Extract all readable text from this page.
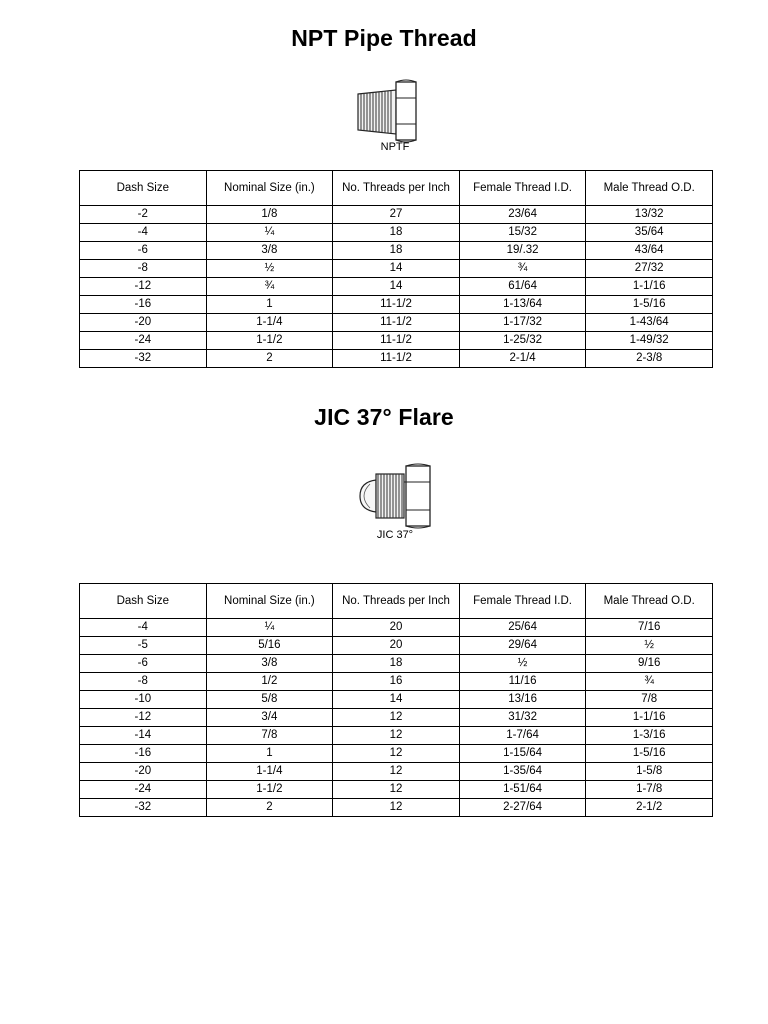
NPT Pipe Thread
NPTF
Dash Size	Nominal Size (in.)	No. Threads per Inch	Female Thread I.D.	Male Thread O.D.
-2	1/8	27	23/64	13/32
-4	¼	18	15/32	35/64
-6	3/8	18	19/.32	43/64
-8	½	14	¾	27/32
-12	¾	14	61/64	1-1/16
-16	1	11-1/2	1-13/64	1-5/16
-20	1-1/4	11-1/2	1-17/32	1-43/64
-24	1-1/2	11-1/2	1-25/32	1-49/32
-32	2	11-1/2	2-1/4	2-3/8
JIC 37° Flare
JIC 37°
Dash Size	Nominal Size (in.)	No. Threads per Inch	Female Thread I.D.	Male Thread O.D.
-4	¼	20	25/64	7/16
-5	5/16	20	29/64	½
-6	3/8	18	½	9/16
-8	1/2	16	11/16	¾
-10	5/8	14	13/16	7/8
-12	3/4	12	31/32	1-1/16
-14	7/8	12	1-7/64	1-3/16
-16	1	12	1-15/64	1-5/16
-20	1-1/4	12	1-35/64	1-5/8
-24	1-1/2	12	1-51/64	1-7/8
-32	2	12	2-27/64	2-1/2
